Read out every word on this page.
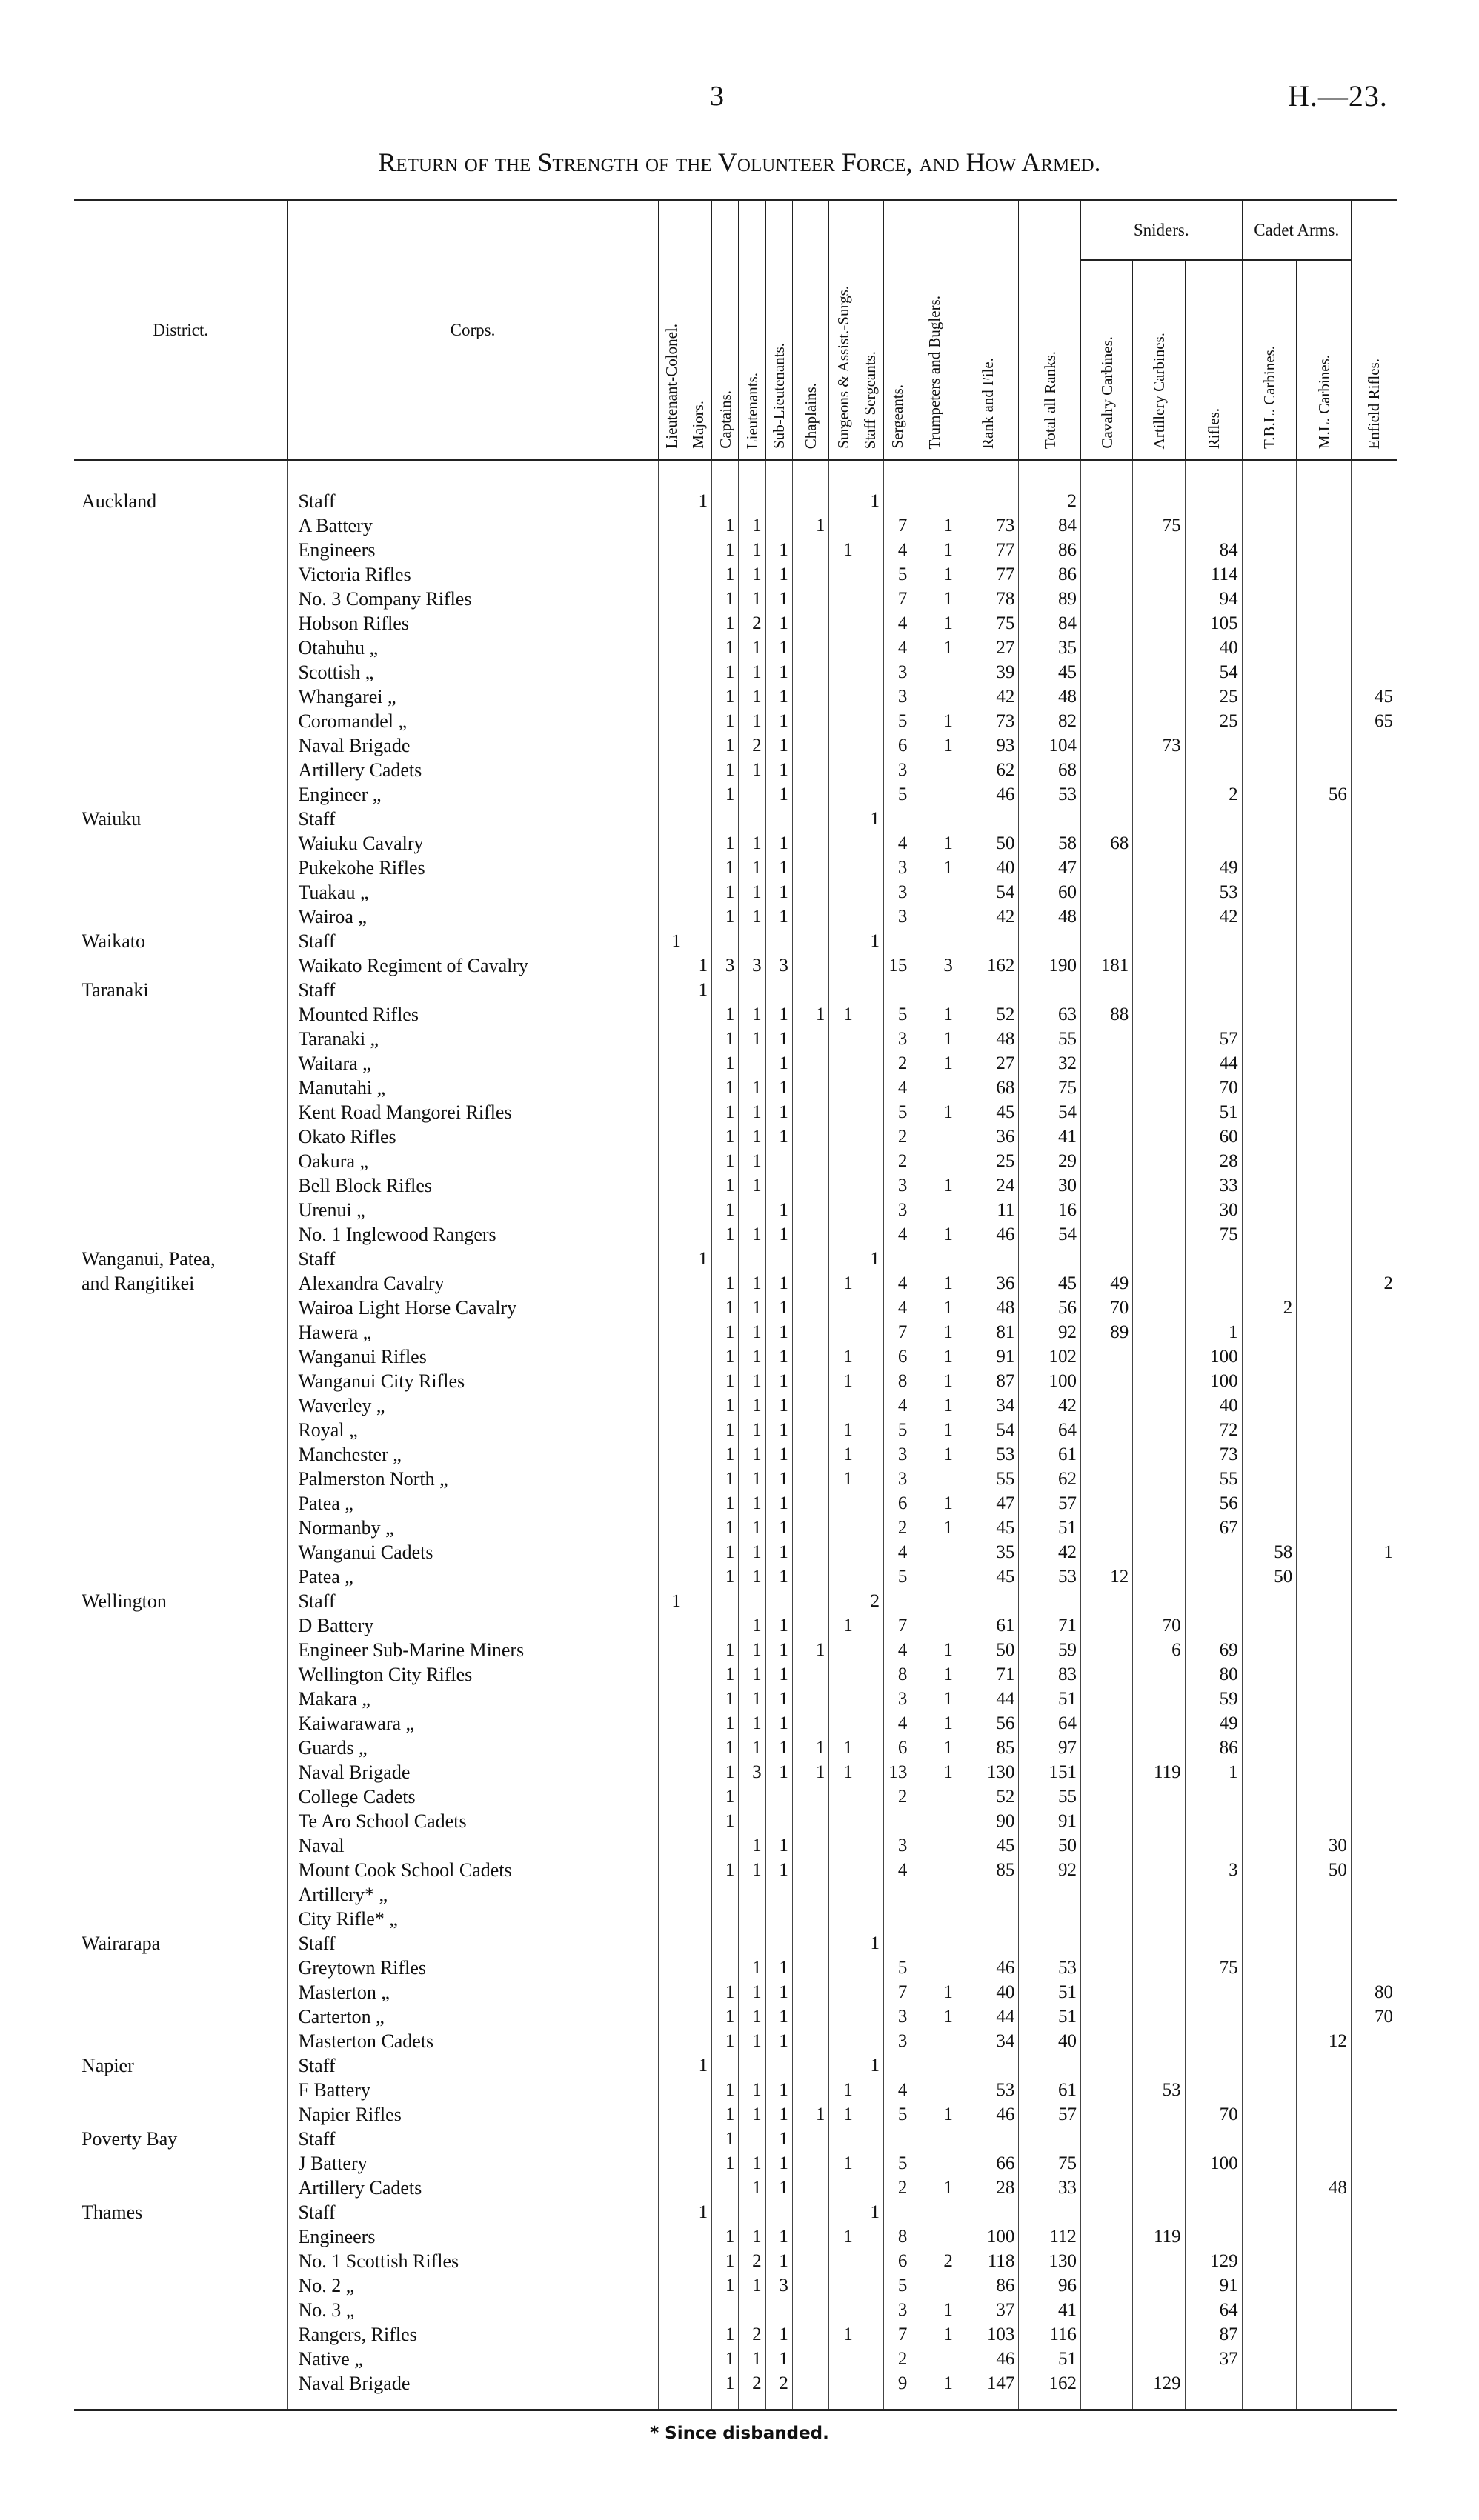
3	H.—23.
Return of the Strength of the Volunteer Force, and How Armed.
District.	Corps.	Lieutenant-Colonel.	Majors.	Captains.	Lieutenants.	Sub-Lieutenants.	Chaplains.	Surgeons & Assist.-Surgs.	Staff Sergeants.	Sergeants.	Trumpeters and Buglers.	Rank and File.	Total all Ranks.	Sniders.			Cadet Arms.		Enfield Rifles.
														Cavalry Carbines.	Artillery Carbines.	Rifles.	T.B.L. Carbines.	M.L. Carbines.	
Auckland	Staff		1						1				2						
	A Battery			1	1		1			7	1	73	84		75				
	Engineers			1	1	1		1		4	1	77	86			84			
	Victoria Rifles			1	1	1				5	1	77	86			114			
	No. 3 Company Rifles			1	1	1				7	1	78	89			94			
	Hobson Rifles			1	2	1				4	1	75	84			105			
	Otahuhu „			1	1	1				4	1	27	35			40			
	Scottish „			1	1	1				3		39	45			54			
	Whangarei „			1	1	1				3		42	48			25			45
	Coromandel „			1	1	1				5	1	73	82			25			65
	Naval Brigade			1	2	1				6	1	93	104		73				
	Artillery Cadets			1	1	1				3		62	68						
	Engineer „			1		1				5		46	53			2		56	
Waiuku	Staff								1										
	Waiuku Cavalry			1	1	1				4	1	50	58	68					
	Pukekohe Rifles			1	1	1				3	1	40	47			49			
	Tuakau „			1	1	1				3		54	60			53			
	Wairoa „			1	1	1				3		42	48			42			
Waikato	Staff	1							1										
	Waikato Regiment of Cavalry		1	3	3	3				15	3	162	190	181					
Taranaki	Staff		1																
	Mounted Rifles			1	1	1	1	1		5	1	52	63	88					
	Taranaki „			1	1	1				3	1	48	55			57			
	Waitara „			1		1				2	1	27	32			44			
	Manutahi „			1	1	1				4		68	75			70			
	Kent Road Mangorei Rifles			1	1	1				5	1	45	54			51			
	Okato Rifles			1	1	1				2		36	41			60			
	Oakura „			1	1					2		25	29			28			
	Bell Block Rifles			1	1					3	1	24	30			33			
	Urenui „			1		1				3		11	16			30			
	No. 1 Inglewood Rangers			1	1	1				4	1	46	54			75			
Wanganui, Patea,	Staff		1						1										
and Rangitikei	Alexandra Cavalry			1	1	1		1		4	1	36	45	49					2
	Wairoa Light Horse Cavalry			1	1	1				4	1	48	56	70			2		
	Hawera „			1	1	1				7	1	81	92	89		1			
	Wanganui Rifles			1	1	1		1		6	1	91	102			100			
	Wanganui City Rifles			1	1	1		1		8	1	87	100			100			
	Waverley „			1	1	1				4	1	34	42			40			
	Royal „			1	1	1		1		5	1	54	64			72			
	Manchester „			1	1	1		1		3	1	53	61			73			
	Palmerston North „			1	1	1		1		3		55	62			55			
	Patea „			1	1	1				6	1	47	57			56			
	Normanby „			1	1	1				2	1	45	51			67			
	Wanganui Cadets			1	1	1				4		35	42				58		1
	Patea „			1	1	1				5		45	53	12			50		
Wellington	Staff	1							2										
	D Battery				1	1		1		7		61	71		70				
	Engineer Sub-Marine Miners			1	1	1	1			4	1	50	59		6	69			
	Wellington City Rifles			1	1	1				8	1	71	83			80			
	Makara „			1	1	1				3	1	44	51			59			
	Kaiwarawara „			1	1	1				4	1	56	64			49			
	Guards „			1	1	1	1	1		6	1	85	97			86			
	Naval Brigade			1	3	1	1	1		13	1	130	151		119	1			
	College Cadets			1						2		52	55						
	Te Aro School Cadets			1								90	91						
	Naval				1	1				3		45	50					30	
	Mount Cook School Cadets			1	1	1				4		85	92			3		50	
	Artillery* „																		
	City Rifle* „																		
Wairarapa	Staff								1										
	Greytown Rifles				1	1				5		46	53			75			
	Masterton „			1	1	1				7	1	40	51						80
	Carterton „			1	1	1				3	1	44	51						70
	Masterton Cadets			1	1	1				3		34	40					12	
Napier	Staff		1						1										
	F Battery			1	1	1		1		4		53	61		53				
	Napier Rifles			1	1	1	1	1		5	1	46	57			70			
Poverty Bay	Staff			1		1													
	J Battery			1	1	1		1		5		66	75			100			
	Artillery Cadets				1	1				2	1	28	33					48	
Thames	Staff		1						1										
	Engineers			1	1	1		1		8		100	112		119				
	No. 1 Scottish Rifles			1	2	1				6	2	118	130			129			
	No. 2 „			1	1	3				5		86	96			91			
	No. 3 „									3	1	37	41			64			
	Rangers, Rifles			1	2	1		1		7	1	103	116			87			
	Native „			1	1	1				2		46	51			37			
	Naval Brigade			1	2	2				9	1	147	162		129				
* Since disbanded.
